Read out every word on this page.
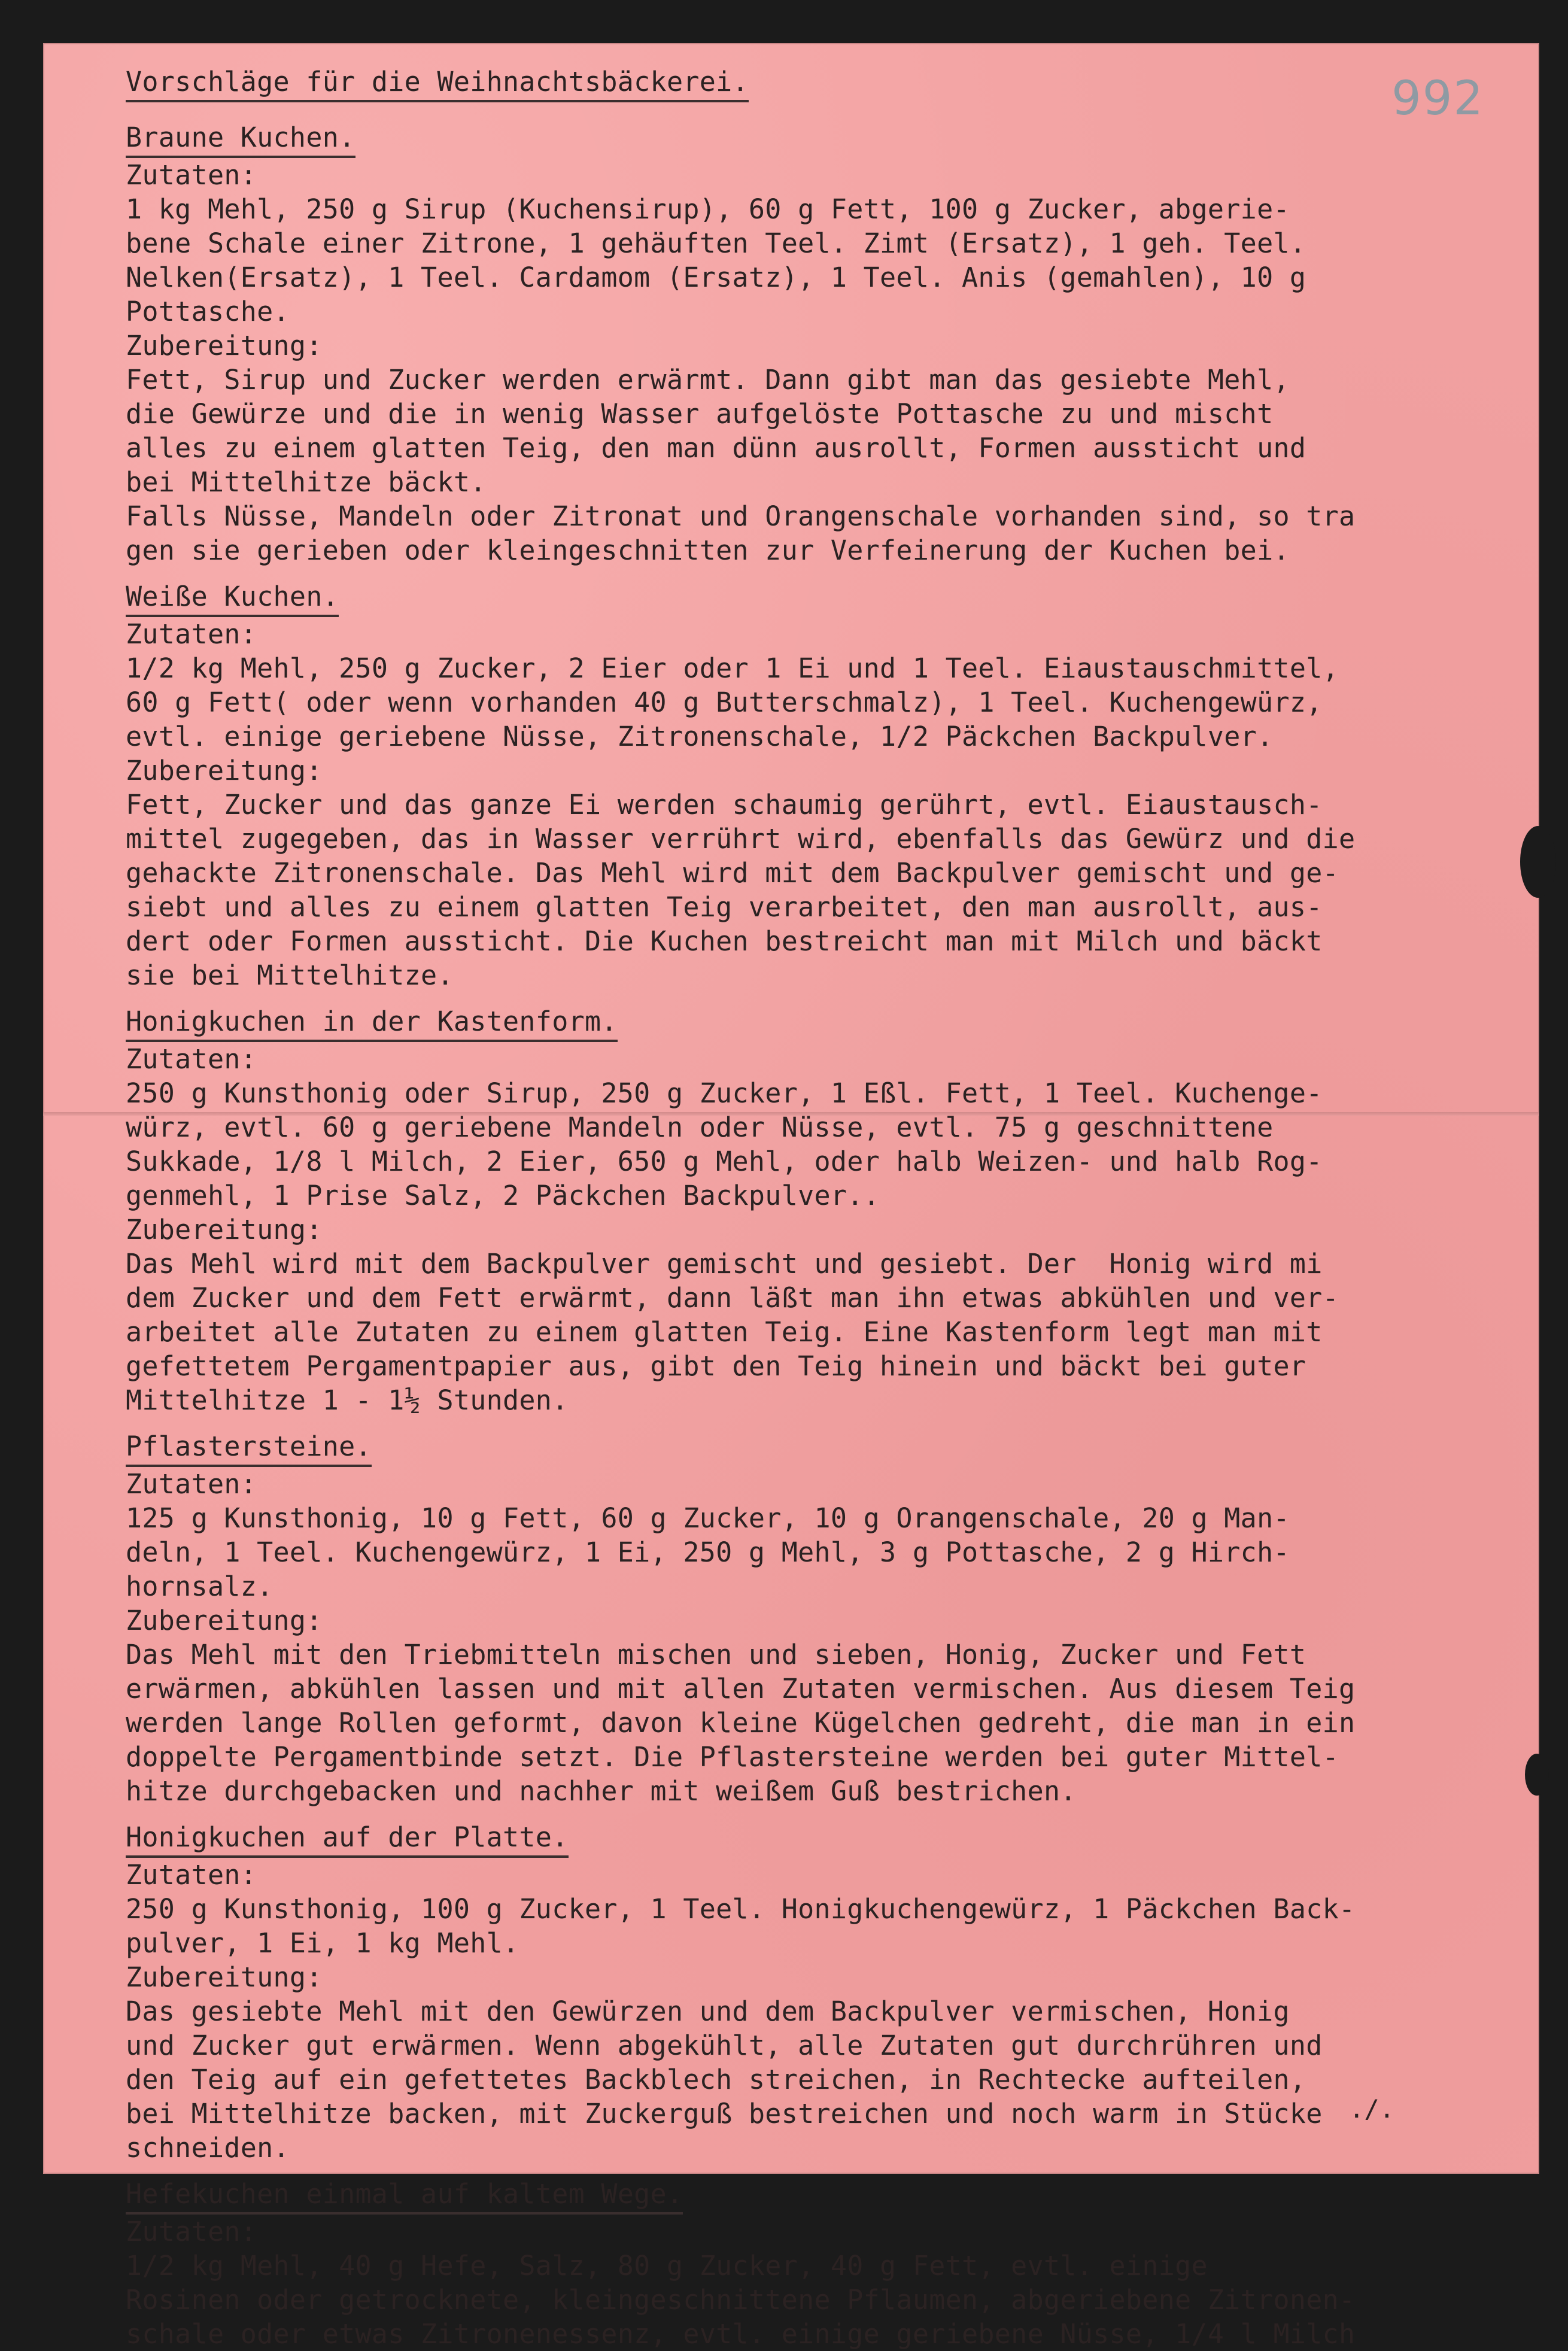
992
Vorschläge für die Weihnachtsbäckerei.
Braune Kuchen.
Zutaten:
1 kg Mehl, 250 g Sirup (Kuchensirup), 60 g Fett, 100 g Zucker, abgerie-
bene Schale einer Zitrone, 1 gehäuften Teel. Zimt (Ersatz), 1 geh. Teel.
Nelken(Ersatz), 1 Teel. Cardamom (Ersatz), 1 Teel. Anis (gemahlen), 10 g
Pottasche.
Zubereitung:
Fett, Sirup und Zucker werden erwärmt. Dann gibt man das gesiebte Mehl,
die Gewürze und die in wenig Wasser aufgelöste Pottasche zu und mischt
alles zu einem glatten Teig, den man dünn ausrollt, Formen aussticht und
bei Mittelhitze bäckt.
Falls Nüsse, Mandeln oder Zitronat und Orangenschale vorhanden sind, so tra
gen sie gerieben oder kleingeschnitten zur Verfeinerung der Kuchen bei.
Weiße Kuchen.
Zutaten:
1/2 kg Mehl, 250 g Zucker, 2 Eier oder 1 Ei und 1 Teel. Eiaustauschmittel,
60 g Fett( oder wenn vorhanden 40 g Butterschmalz), 1 Teel. Kuchengewürz,
evtl. einige geriebene Nüsse, Zitronenschale, 1/2 Päckchen Backpulver.
Zubereitung:
Fett, Zucker und das ganze Ei werden schaumig gerührt, evtl. Eiaustausch-
mittel zugegeben, das in Wasser verrührt wird, ebenfalls das Gewürz und die
gehackte Zitronenschale. Das Mehl wird mit dem Backpulver gemischt und ge-
siebt und alles zu einem glatten Teig verarbeitet, den man ausrollt, aus-
dert oder Formen aussticht. Die Kuchen bestreicht man mit Milch und bäckt
sie bei Mittelhitze.
Honigkuchen in der Kastenform.
Zutaten:
250 g Kunsthonig oder Sirup, 250 g Zucker, 1 Eßl. Fett, 1 Teel. Kuchenge-
würz, evtl. 60 g geriebene Mandeln oder Nüsse, evtl. 75 g geschnittene
Sukkade, 1/8 l Milch, 2 Eier, 650 g Mehl, oder halb Weizen- und halb Rog-
genmehl, 1 Prise Salz, 2 Päckchen Backpulver..
Zubereitung:
Das Mehl wird mit dem Backpulver gemischt und gesiebt. Der  Honig wird mi
dem Zucker und dem Fett erwärmt, dann läßt man ihn etwas abkühlen und ver-
arbeitet alle Zutaten zu einem glatten Teig. Eine Kastenform legt man mit
gefettetem Pergamentpapier aus, gibt den Teig hinein und bäckt bei guter
Mittelhitze 1 - 1½ Stunden.
Pflastersteine.
Zutaten:
125 g Kunsthonig, 10 g Fett, 60 g Zucker, 10 g Orangenschale, 20 g Man-
deln, 1 Teel. Kuchengewürz, 1 Ei, 250 g Mehl, 3 g Pottasche, 2 g Hirch-
hornsalz.
Zubereitung:
Das Mehl mit den Triebmitteln mischen und sieben, Honig, Zucker und Fett
erwärmen, abkühlen lassen und mit allen Zutaten vermischen. Aus diesem Teig
werden lange Rollen geformt, davon kleine Kügelchen gedreht, die man in ein
doppelte Pergamentbinde setzt. Die Pflastersteine werden bei guter Mittel-
hitze durchgebacken und nachher mit weißem Guß bestrichen.
Honigkuchen auf der Platte.
Zutaten:
250 g Kunsthonig, 100 g Zucker, 1 Teel. Honigkuchengewürz, 1 Päckchen Back-
pulver, 1 Ei, 1 kg Mehl.
Zubereitung:
Das gesiebte Mehl mit den Gewürzen und dem Backpulver vermischen, Honig
und Zucker gut erwärmen. Wenn abgekühlt, alle Zutaten gut durchrühren und
den Teig auf ein gefettetes Backblech streichen, in Rechtecke aufteilen,
bei Mittelhitze backen, mit Zuckerguß bestreichen und noch warm in Stücke
schneiden.
Hefekuchen einmal auf kaltem Wege.
Zutaten:
1/2 kg Mehl, 40 g Hefe, Salz, 80 g Zucker, 40 g Fett, evtl. einige
Rosinen oder getrocknete, kleingeschnittene Pflaumen, abgeriebene Zitronen-
schale oder etwas Zitronenessenz, evtl. einige geriebene Nüsse, 1/4 l Milch
./.
